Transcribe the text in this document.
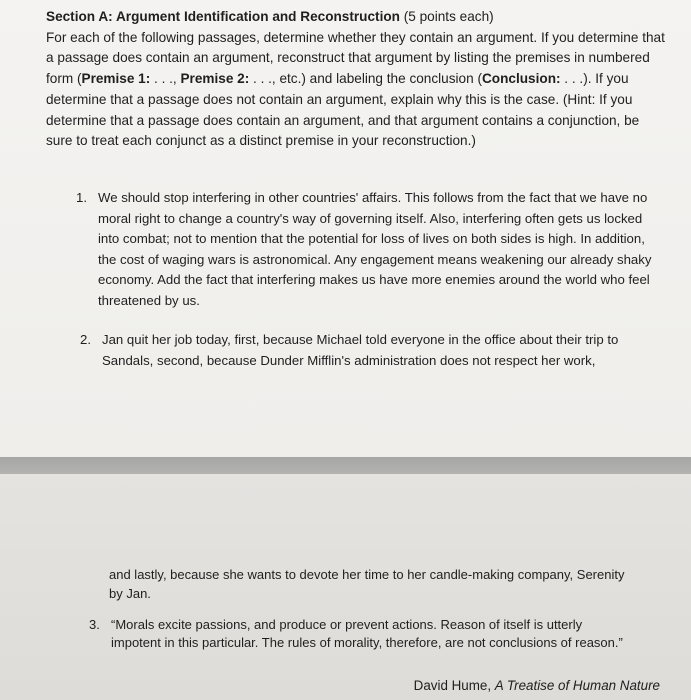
Section A: Argument Identification and Reconstruction (5 points each)
For each of the following passages, determine whether they contain an argument. If you determine that a passage does contain an argument, reconstruct that argument by listing the premises in numbered form (Premise 1: . . ., Premise 2: . . ., etc.) and labeling the conclusion (Conclusion: . . .). If you determine that a passage does not contain an argument, explain why this is the case. (Hint: If you determine that a passage does contain an argument, and that argument contains a conjunction, be sure to treat each conjunct as a distinct premise in your reconstruction.)
1. We should stop interfering in other countries' affairs. This follows from the fact that we have no moral right to change a country's way of governing itself. Also, interfering often gets us locked into combat; not to mention that the potential for loss of lives on both sides is high. In addition, the cost of waging wars is astronomical. Any engagement means weakening our already shaky economy. Add the fact that interfering makes us have more enemies around the world who feel threatened by us.
2. Jan quit her job today, first, because Michael told everyone in the office about their trip to Sandals, second, because Dunder Mifflin's administration does not respect her work,
and lastly, because she wants to devote her time to her candle-making company, Serenity by Jan.
3. “Morals excite passions, and produce or prevent actions. Reason of itself is utterly impotent in this particular. The rules of morality, therefore, are not conclusions of reason.”
David Hume, A Treatise of Human Nature
